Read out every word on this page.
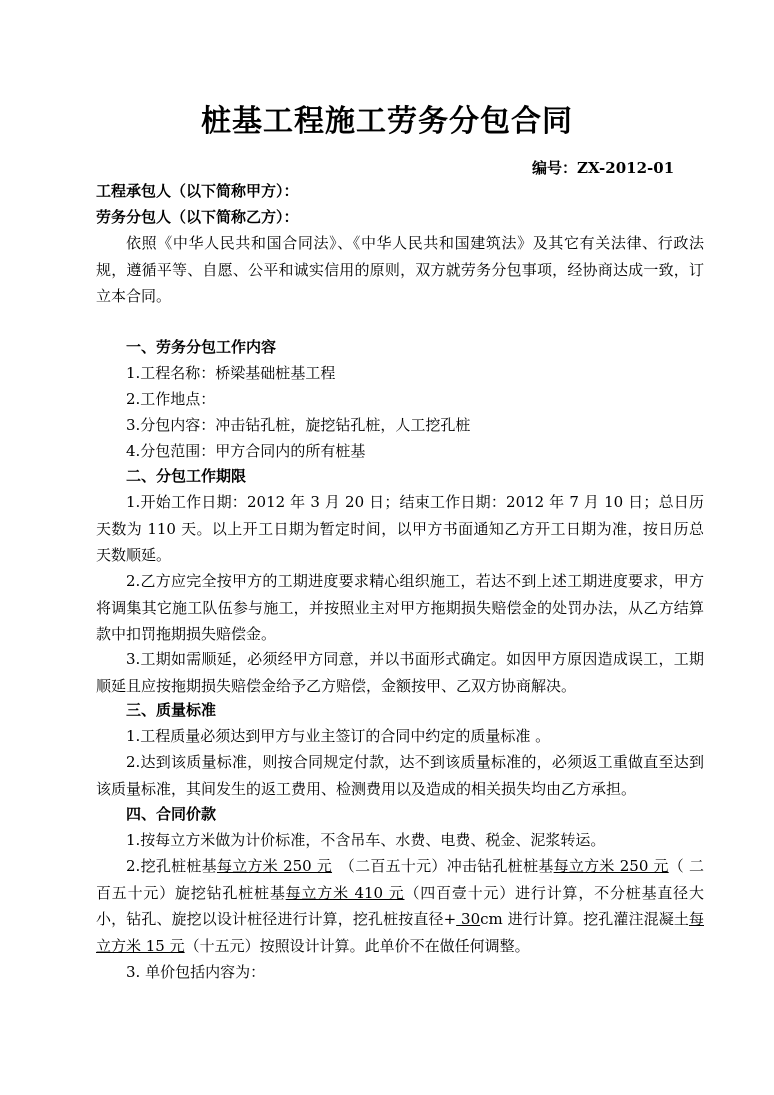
桩基工程施工劳务分包合同
编号：ZX-2012-01
工程承包人（以下简称甲方）：
劳务分包人（以下简称乙方）：
依照《中华人民共和国合同法》、《中华人民共和国建筑法》及其它有关法律、行政法规，遵循平等、自愿、公平和诚实信用的原则，双方就劳务分包事项，经协商达成一致，订立本合同。
一、劳务分包工作内容
1.工程名称：桥梁基础桩基工程
2.工作地点：
3.分包内容：冲击钻孔桩，旋挖钻孔桩，人工挖孔桩
4.分包范围：甲方合同内的所有桩基
二、分包工作期限
1.开始工作日期：2012 年 3 月 20 日；结束工作日期：2012 年 7 月 10 日；总日历天数为 110 天。以上开工日期为暂定时间，以甲方书面通知乙方开工日期为准，按日历总天数顺延。
2.乙方应完全按甲方的工期进度要求精心组织施工，若达不到上述工期进度要求，甲方将调集其它施工队伍参与施工，并按照业主对甲方拖期损失赔偿金的处罚办法，从乙方结算款中扣罚拖期损失赔偿金。
3.工期如需顺延，必须经甲方同意，并以书面形式确定。如因甲方原因造成误工，工期顺延且应按拖期损失赔偿金给予乙方赔偿，金额按甲、乙双方协商解决。
三、质量标准
1.工程质量必须达到甲方与业主签订的合同中约定的质量标准 。
2.达到该质量标准，则按合同规定付款，达不到该质量标准的，必须返工重做直至达到该质量标准，其间发生的返工费用、检测费用以及造成的相关损失均由乙方承担。
四、合同价款
1.按每立方米做为计价标准，不含吊车、水费、电费、税金、泥浆转运。
2.挖孔桩桩基每立方米 250 元　（二百五十元）冲击钻孔桩桩基每立方米 250 元（ 二百五十元）旋挖钻孔桩桩基每立方米 410 元（四百壹十元）进行计算，不分桩基直径大小，钻孔、旋挖以设计桩径进行计算，挖孔桩按直径+ 30cm 进行计算。挖孔灌注混凝土每立方米 15 元（十五元）按照设计计算。此单价不在做任何调整。
3. 单价包括内容为：
